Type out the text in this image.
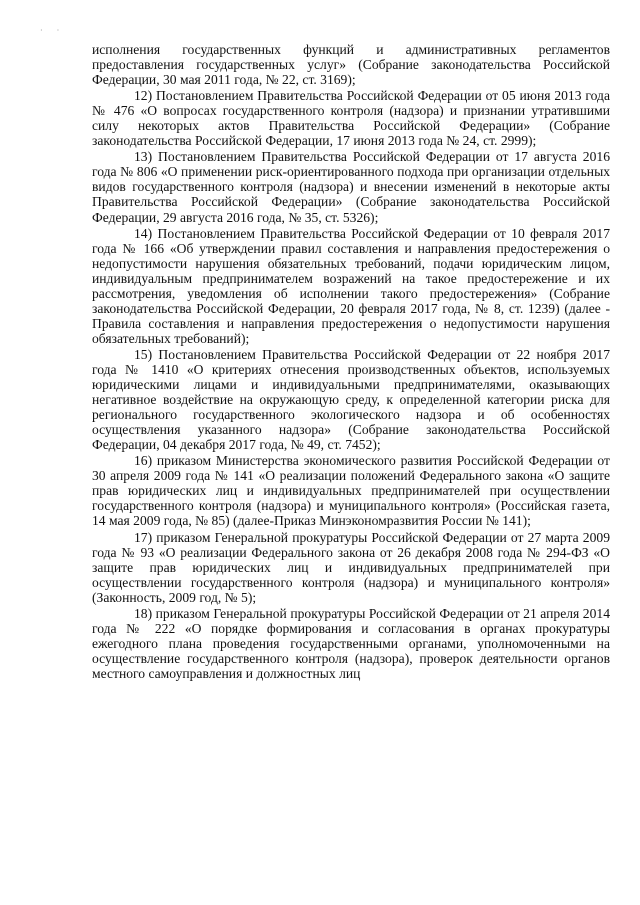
· ·

исполнения государственных функций и административных регламентов предоставления государственных услуг» (Собрание законодательства Российской Федерации, 30 мая 2011 года, № 22, ст. 3169);

12) Постановлением Правительства Российской Федерации от 05 июня 2013 года № 476 «О вопросах государственного контроля (надзора) и признании утратившими силу некоторых актов Правительства Российской Федерации» (Собрание законодательства Российской Федерации, 17 июня 2013 года № 24, ст. 2999);

13) Постановлением Правительства Российской Федерации от 17 августа 2016 года № 806 «О применении риск-ориентированного подхода при организации отдельных видов государственного контроля (надзора) и внесении изменений в некоторые акты Правительства Российской Федерации» (Собрание законодательства Российской Федерации, 29 августа 2016 года, № 35, ст. 5326);

14) Постановлением Правительства Российской Федерации от 10 февраля 2017 года № 166 «Об утверждении правил составления и направления предостережения о недопустимости нарушения обязательных требований, подачи юридическим лицом, индивидуальным предпринимателем возражений на такое предостережение и их рассмотрения, уведомления об исполнении такого предостережения» (Собрание законодательства Российской Федерации, 20 февраля 2017 года, № 8, ст. 1239) (далее - Правила составления и направления предостережения о недопустимости нарушения обязательных требований);

15) Постановлением Правительства Российской Федерации от 22 ноября 2017 года № 1410 «О критериях отнесения производственных объектов, используемых юридическими лицами и индивидуальными предпринимателями, оказывающих негативное воздействие на окружающую среду, к определенной категории риска для регионального государственного экологического надзора и об особенностях осуществления указанного надзора» (Собрание законодательства Российской Федерации, 04 декабря 2017 года, № 49, ст. 7452);

16) приказом Министерства экономического развития Российской Федерации от 30 апреля 2009 года № 141 «О реализации положений Федерального закона «О защите прав юридических лиц и индивидуальных предпринимателей при осуществлении государственного контроля (надзора) и муниципального контроля» (Российская газета, 14 мая 2009 года, № 85) (далее-Приказ Минэкономразвития России № 141);

17) приказом Генеральной прокуратуры Российской Федерации от 27 марта 2009 года № 93 «О реализации Федерального закона от 26 декабря 2008 года № 294-ФЗ «О защите прав юридических лиц и индивидуальных предпринимателей при осуществлении государственного контроля (надзора) и муниципального контроля» (Законность, 2009 год, № 5);

18) приказом Генеральной прокуратуры Российской Федерации от 21 апреля 2014 года № 222 «О порядке формирования и согласования в органах прокуратуры ежегодного плана проведения государственными органами, уполномоченными на осуществление государственного контроля (надзора), проверок деятельности органов местного самоуправления и должностных лиц
